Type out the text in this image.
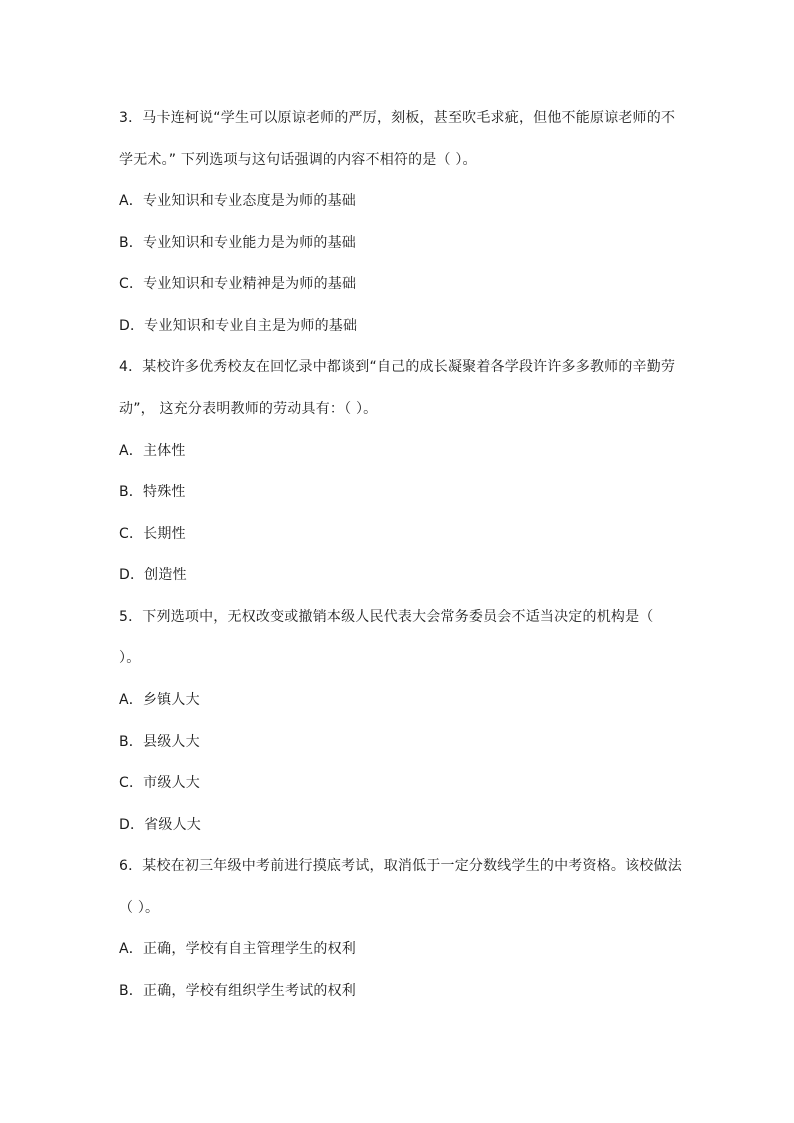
3．马卡连柯说“学生可以原谅老师的严厉，刻板，甚至吹毛求疵，但他不能原谅老师的不
学无术。” 下列选项与这句话强调的内容不相符的是（ ）。
A．专业知识和专业态度是为师的基础
B．专业知识和专业能力是为师的基础
C．专业知识和专业精神是为师的基础
D．专业知识和专业自主是为师的基础
4．某校许多优秀校友在回忆录中都谈到“自己的成长凝聚着各学段许许多多教师的辛勤劳
动”， 这充分表明教师的劳动具有：（ ）。
A．主体性
B．特殊性
C．长期性
D．创造性
5．下列选项中，无权改变或撤销本级人民代表大会常务委员会不适当决定的机构是（
）。
A．乡镇人大
B．县级人大
C．市级人大
D．省级人大
6．某校在初三年级中考前进行摸底考试，取消低于一定分数线学生的中考资格。该校做法
（ ）。
A．正确，学校有自主管理学生的权利
B．正确，学校有组织学生考试的权利
